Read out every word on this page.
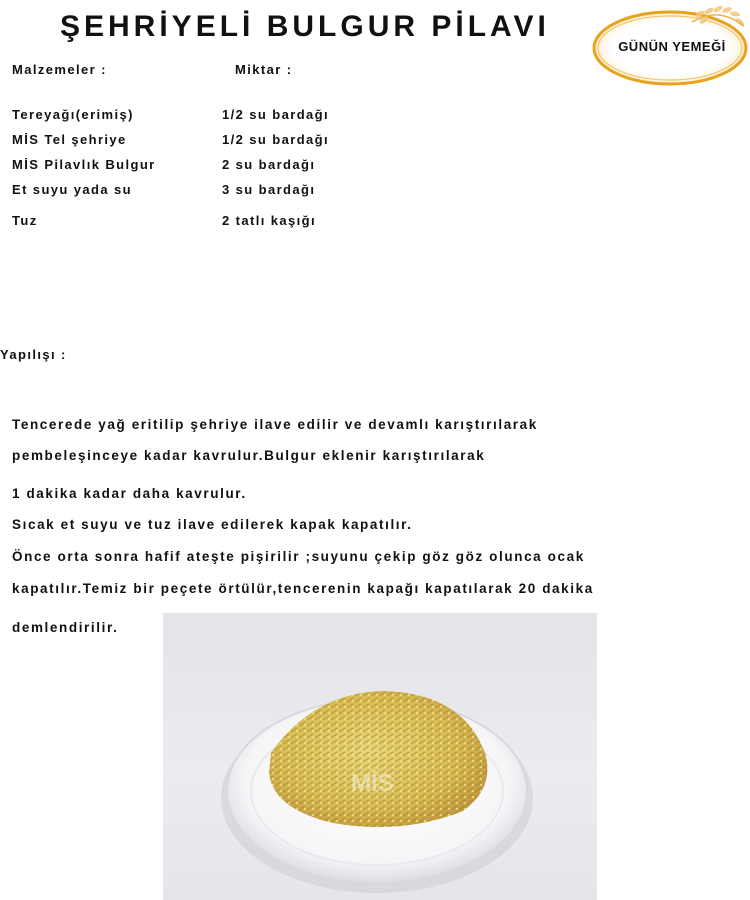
ŞEHRİYELİ BULGUR PİLAVI
GÜNÜN YEMEĞİ
Malzemeler :	Miktar :
Tereyağı(erimiş)	1/2 su bardağı
MİS Tel şehriye	1/2 su bardağı
MİS Pilavlık Bulgur	2 su bardağı
Et suyu yada su	3 su bardağı
Tuz	2 tatlı kaşığı
Yapılışı :
Tencerede yağ eritilip şehriye ilave edilir ve devamlı karıştırılarak
pembeleşinceye kadar kavrulur.Bulgur eklenir karıştırılarak
1 dakika kadar daha kavrulur.
Sıcak et suyu ve tuz ilave edilerek kapak kapatılır.
Önce orta sonra hafif ateşte pişirilir ;suyunu çekip göz göz olunca ocak
kapatılır.Temiz bir peçete örtülür,tencerenin kapağı kapatılarak 20 dakika
demlendirilir.
MİS
